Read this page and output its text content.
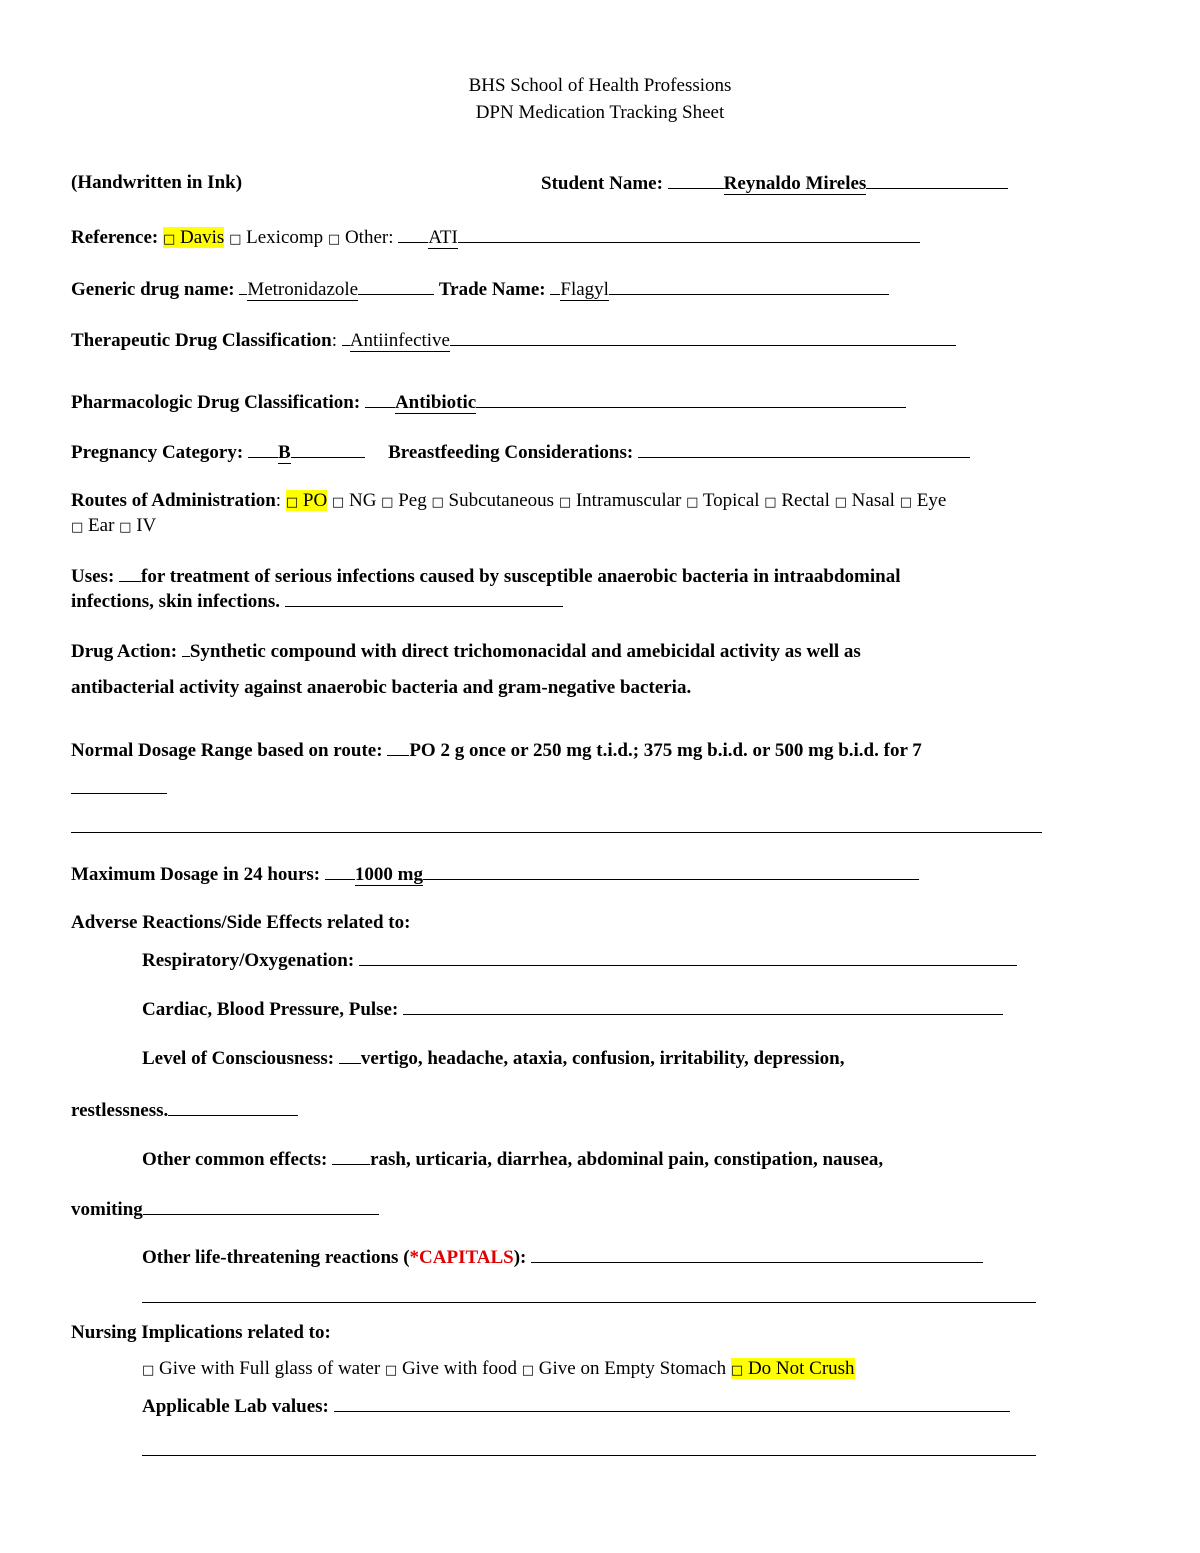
BHS School of Health Professions
DPN Medication Tracking Sheet
(Handwritten in Ink)	Student Name:	Reynaldo Mireles
Reference: □ Davis □ Lexicomp □ Other: ATI
Generic drug name: Metronidazole	Trade Name: Flagyl
Therapeutic Drug Classification: Antiinfective
Pharmacologic Drug Classification: Antibiotic
Pregnancy Category: B	Breastfeeding Considerations:
Routes of Administration: □ PO □ NG □ Peg □ Subcutaneous □ Intramuscular □ Topical □ Rectal □ Nasal □ Eye
□ Ear □ IV
Uses: for treatment of serious infections caused by susceptible anaerobic bacteria in intraabdominal
infections, skin infections.
Drug Action: Synthetic compound with direct trichomonacidal and amebicidal activity as well as
antibacterial activity against anaerobic bacteria and gram-negative bacteria.
Normal Dosage Range based on route: PO 2 g once or 250 mg t.i.d.; 375 mg b.i.d. or 500 mg b.i.d. for 7
Maximum Dosage in 24 hours: 1000 mg
Adverse Reactions/Side Effects related to:
Respiratory/Oxygenation:
Cardiac, Blood Pressure, Pulse:
Level of Consciousness: vertigo, headache, ataxia, confusion, irritability, depression,
restlessness.
Other common effects: rash, urticaria, diarrhea, abdominal pain, constipation, nausea,
vomiting
Other life-threatening reactions (*CAPITALS):
Nursing Implications related to:
□ Give with Full glass of water □ Give with food □ Give on Empty Stomach □ Do Not Crush
Applicable Lab values:
